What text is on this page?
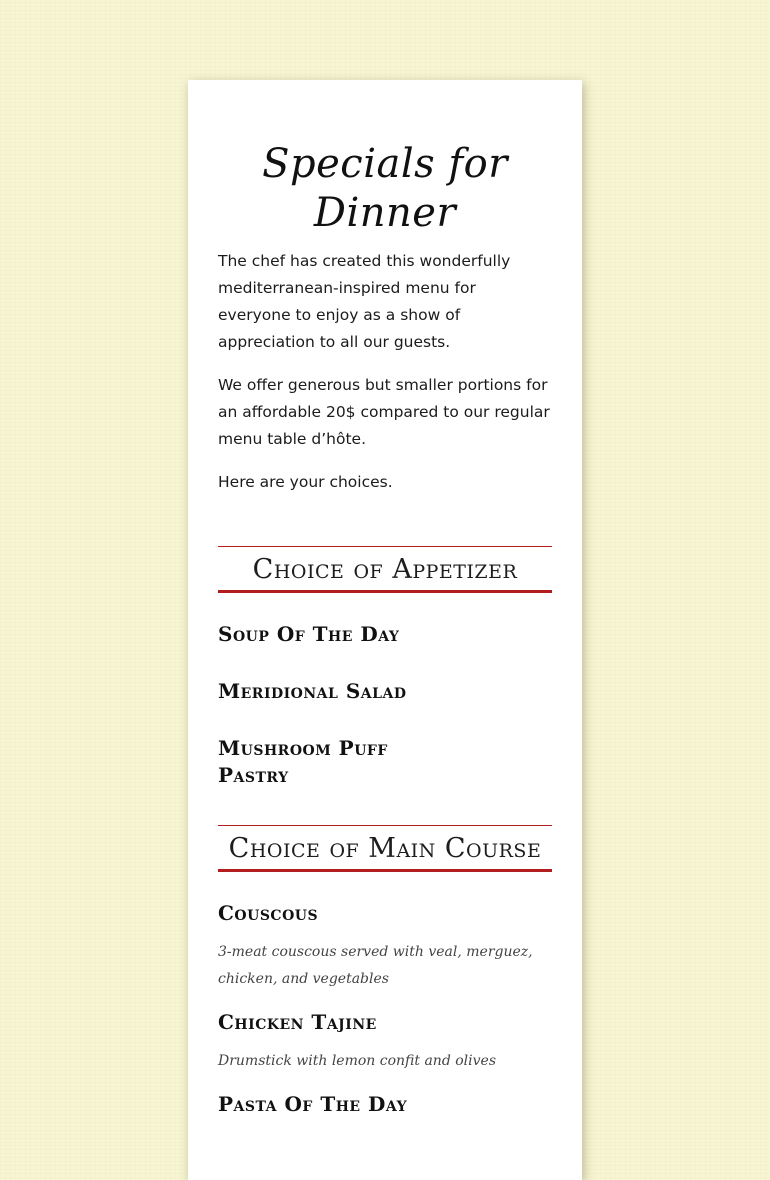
Specials for Dinner

The chef has created this wonderfully mediterranean-inspired menu for everyone to enjoy as a show of appreciation to all our guests.

We offer generous but smaller portions for an affordable 20$ compared to our regular menu table d’hôte.

Here are your choices.

Choice of Appetizer
Soup Of The Day
Meridional Salad
Mushroom Puff Pastry
Choice of Main Course
Couscous
3-meat couscous served with veal, merguez, chicken, and vegetables
Chicken Tajine
Drumstick with lemon confit and olives
Pasta Of The Day
